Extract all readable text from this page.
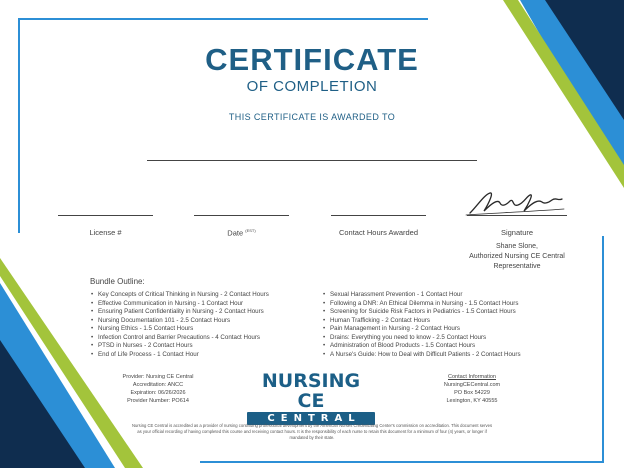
CERTIFICATE
OF COMPLETION
THIS CERTIFICATE IS AWARDED TO
License #	Date $^{(EST)}$	Contact Hours Awarded	Signature
Shane Slone,
Authorized Nursing CE Central
Representative
Bundle Outline:
• Key Concepts of Critical Thinking in Nursing - 2 Contact Hours
• Effective Communication in Nursing - 1 Contact Hour
• Ensuring Patient Confidentiality in Nursing - 2 Contact Hours
• Nursing Documentation 101 - 2.5 Contact Hours
• Nursing Ethics - 1.5 Contact Hours
• Infection Control and Barrier Precautions - 4 Contact Hours
• PTSD in Nurses - 2 Contact Hours
• End of Life Process - 1 Contact Hour
• Sexual Harassment Prevention - 1 Contact Hour
• Following a DNR: An Ethical Dilemma in Nursing - 1.5 Contact Hours
• Screening for Suicide Risk Factors in Pediatrics - 1.5 Contact Hours
• Human Trafficking - 2 Contact Hours
• Pain Management in Nursing - 2 Contact Hours
• Drains: Everything you need to know - 2.5 Contact Hours
• Administration of Blood Products - 1.5 Contact Hours
• A Nurse's Guide: How to Deal with Difficult Patients - 2 Contact Hours
Provider: Nursing CE Central
Accreditation: ANCC
Expiration: 06/26/2026
Provider Number: PO614
NURSING CE
CENTRAL
Contact Information
NursingCECentral.com
PO Box 54229
Lexington, KY 40555
Nursing CE Central is accredited as a provider of nursing continuing professional development by the American Nurses Credentialing Center's commission on accreditation. This document serves as your official recording of having completed this course and receiving contact hours. It is the responsibility of each nurse to retain this document for a minimum of four (4) years, or longer if mandated by their state.
